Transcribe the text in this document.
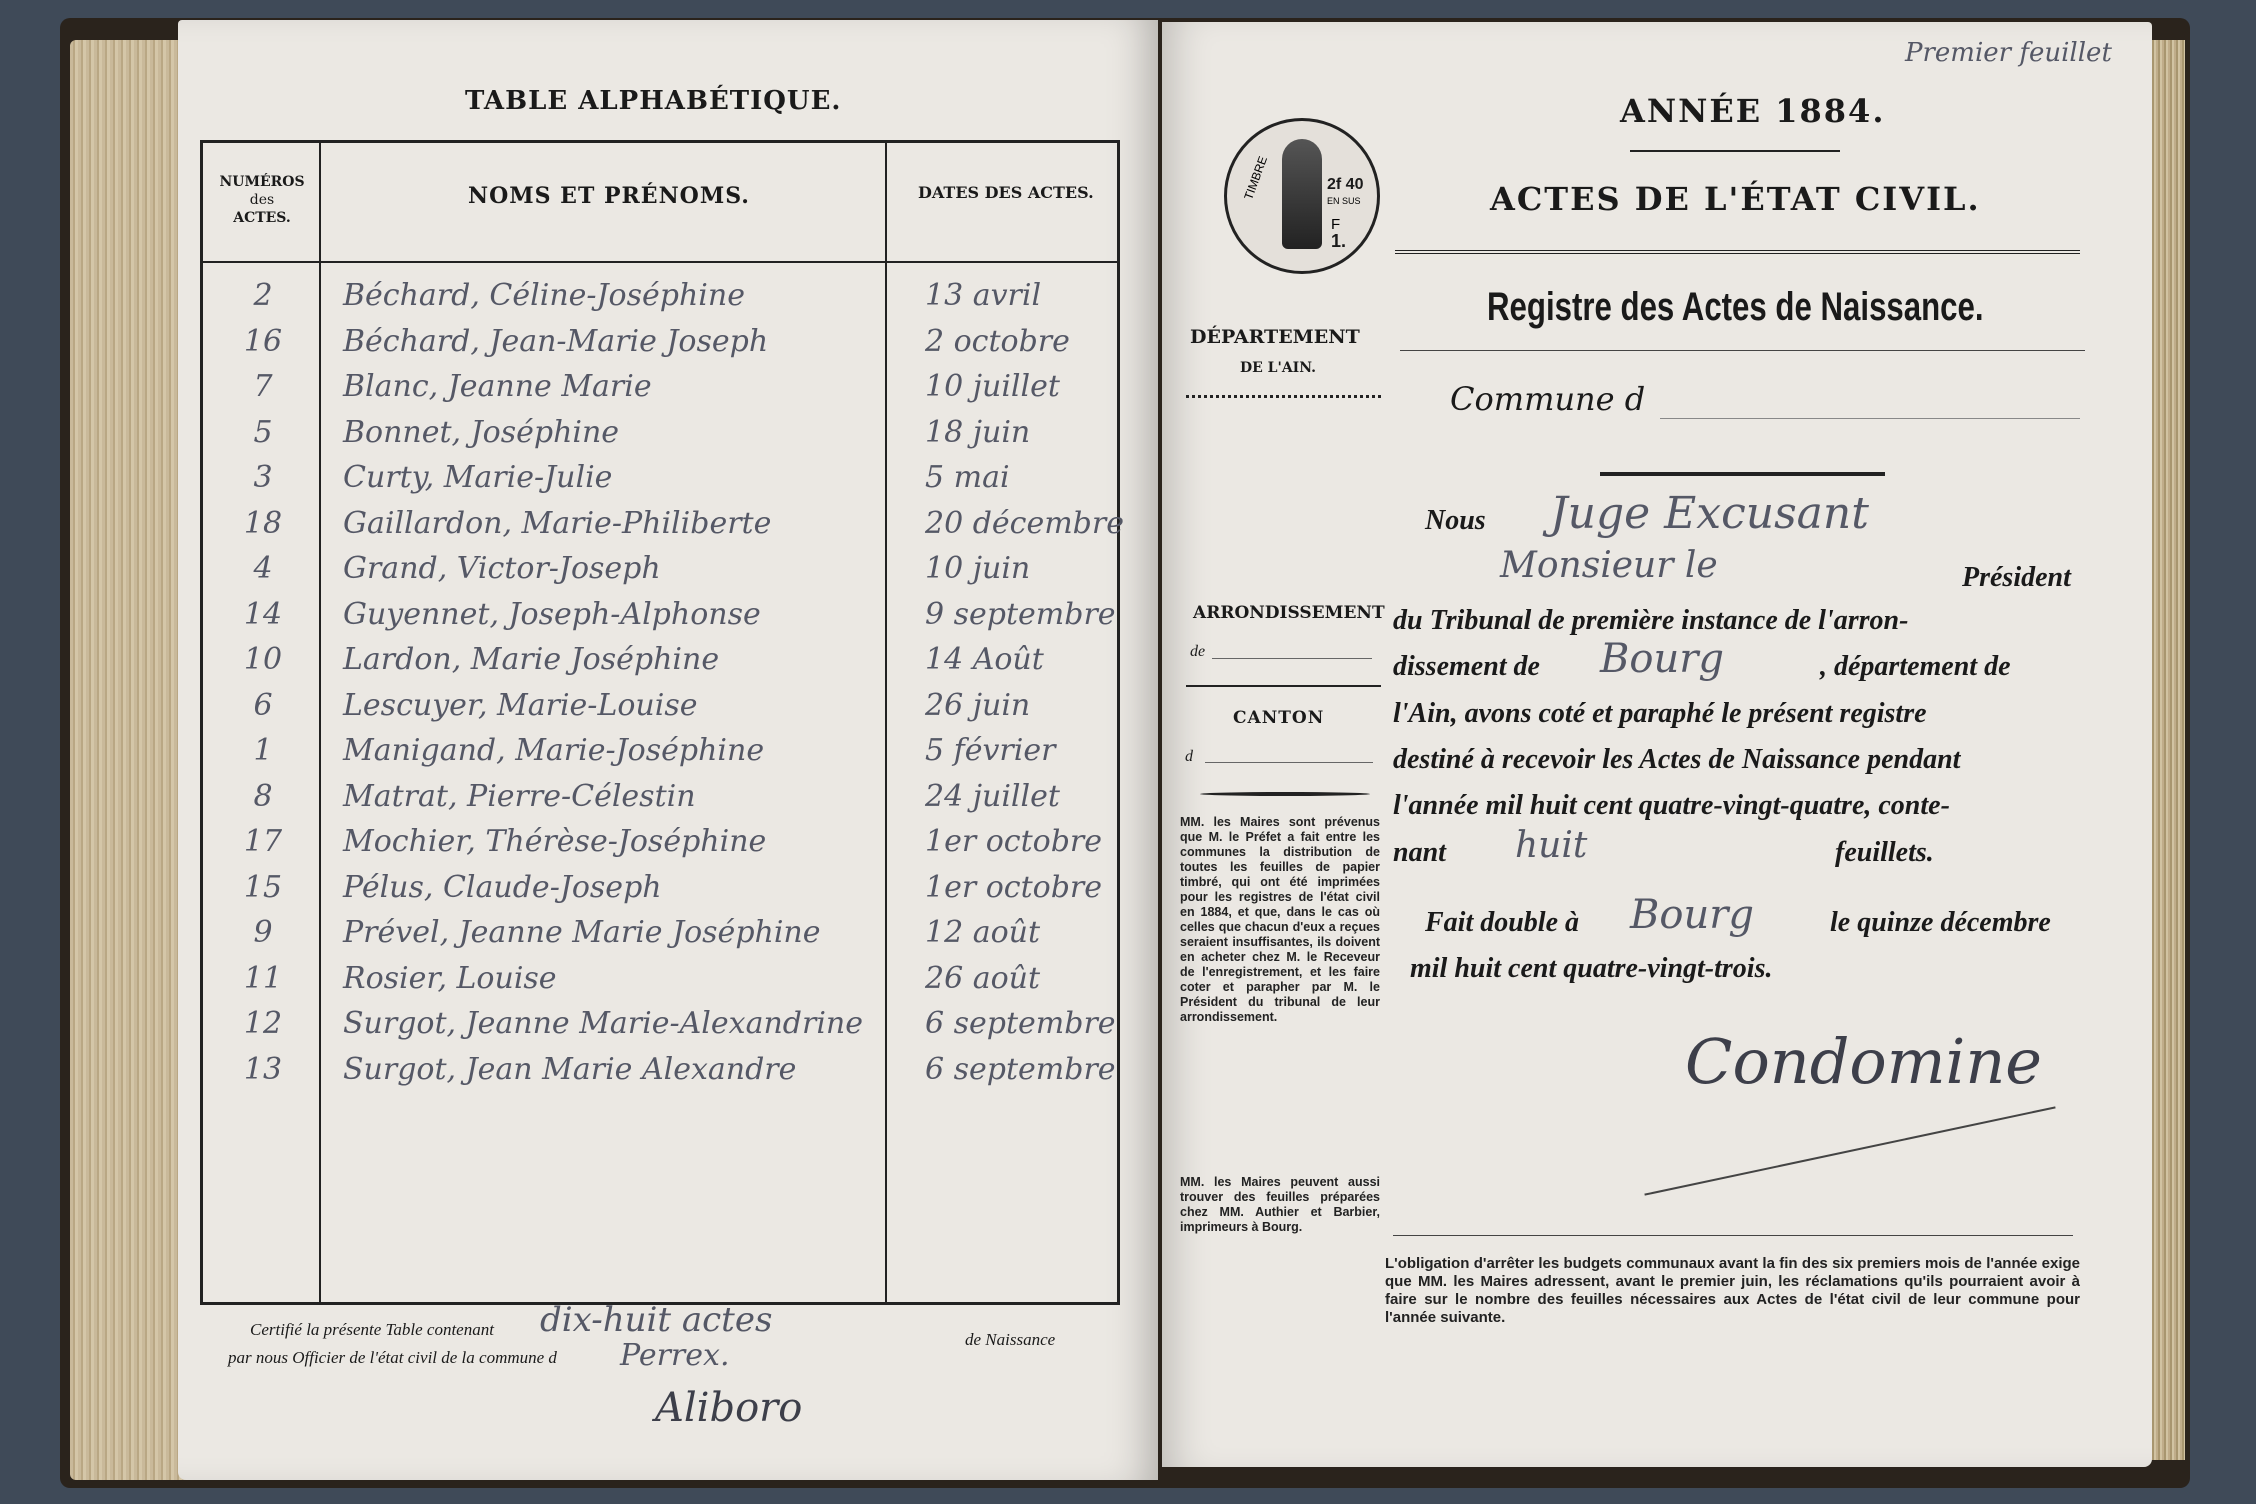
TABLE ALPHABÉTIQUE.
NUMÉROS
des
ACTES.
NOMS ET PRÉNOMS.	DATES DES ACTES.
2	Béchard, Céline-Joséphine	13 avril
16	Béchard, Jean-Marie Joseph	2 octobre
7	Blanc, Jeanne Marie	10 juillet
5	Bonnet, Joséphine	18 juin
3	Curty, Marie-Julie	5 mai
18	Gaillardon, Marie-Philiberte	20 décembre
4	Grand, Victor-Joseph	10 juin
14	Guyennet, Joseph-Alphonse	9 septembre
10	Lardon, Marie Joséphine	14 Août
6	Lescuyer, Marie-Louise	26 juin
1	Manigand, Marie-Joséphine	5 février
8	Matrat, Pierre-Célestin	24 juillet
17	Mochier, Thérèse-Joséphine	1er octobre
15	Pélus, Claude-Joseph	1er octobre
9	Prével, Jeanne Marie Joséphine	12 août
11	Rosier, Louise	26 août
12	Surgot, Jeanne Marie-Alexandrine 6 septembre
13	Surgot, Jean Marie Alexandre	6 septembre
Certifié la présente Table contenant dix-huit actes	de Naissance
par nous Officier de l'état civil de la commune d Perrex.
Aliboro
Premier feuillet
ANNÉE 1884.
ACTES DE L'ÉTAT CIVIL.
Registre des Actes de Naissance.
TIMBRE	2f 40
EN SUS
F
1.
DÉPARTEMENT
DE L'AIN.
ARRONDISSEMENT
de
CANTON
d
MM. les Maires sont prévenus que M. le Préfet a fait entre les communes la distribution de toutes les feuilles de papier timbré, qui ont été imprimées pour les registres de l'état civil en 1884, et que, dans le cas où celles que chacun d'eux a reçues seraient insuffisantes, ils doivent en acheter chez M. le Receveur de l'enregistrement, et les faire coter et parapher par M. le Président du tribunal de leur arrondissement.
MM. les Maires peuvent aussi trouver des feuilles préparées chez MM. Authier et Barbier, imprimeurs à Bourg.
Commune d
Nous Juge Excusant
Monsieur le	Président
du Tribunal de première instance de l'arron-
dissement de Bourg	, département de
l'Ain, avons coté et paraphé le présent registre
destiné à recevoir les Actes de Naissance pendant
l'année mil huit cent quatre-vingt-quatre, conte-
nant huit	feuillets.
Fait double à Bourg	le quinze décembre
mil huit cent quatre-vingt-trois.
Condomine
L'obligation d'arrêter les budgets communaux avant la fin des six premiers mois de l'année exige que MM. les Maires adressent, avant le premier juin, les réclamations qu'ils pourraient avoir à faire sur le nombre des feuilles nécessaires aux Actes de l'état civil de leur commune pour l'année suivante.
